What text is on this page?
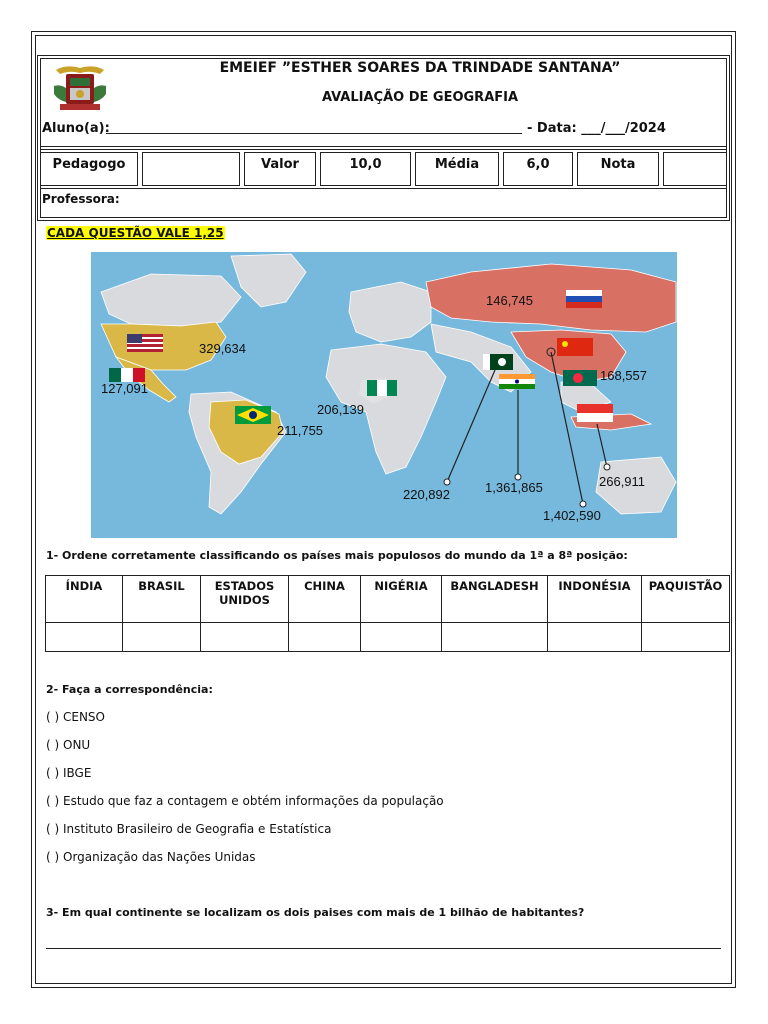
EMEIEF ”ESTHER SOARES DA TRINDADE SANTANA”
AVALIAÇÃO DE GEOGRAFIA
Aluno(a):	- Data: ___/___/2024
Pedagogo	Valor	10,0	Média	6,0	Nota
Professora:
CADA QUESTÃO VALE 1,25
146,745
329,634
127,091
206,139
211,755
168,557
220,892	1,361,865	266,911
1,402,590
1- Ordene corretamente classificando os países mais populosos do mundo da 1ª a 8ª posição:
ÍNDIA	BRASIL	ESTADOS UNIDOS	CHINA	NIGÉRIA	BANGLADESH	INDONÉSIA	PAQUISTÃO

2- Faça a correspondência:
( ) CENSO
( ) ONU
( ) IBGE
( ) Estudo que faz a contagem e obtém informações da população
( ) Instituto Brasileiro de Geografia e Estatística
( ) Organização das Nações Unidas
3- Em qual continente se localizam os dois paises com mais de 1 bilhão de habitantes?
